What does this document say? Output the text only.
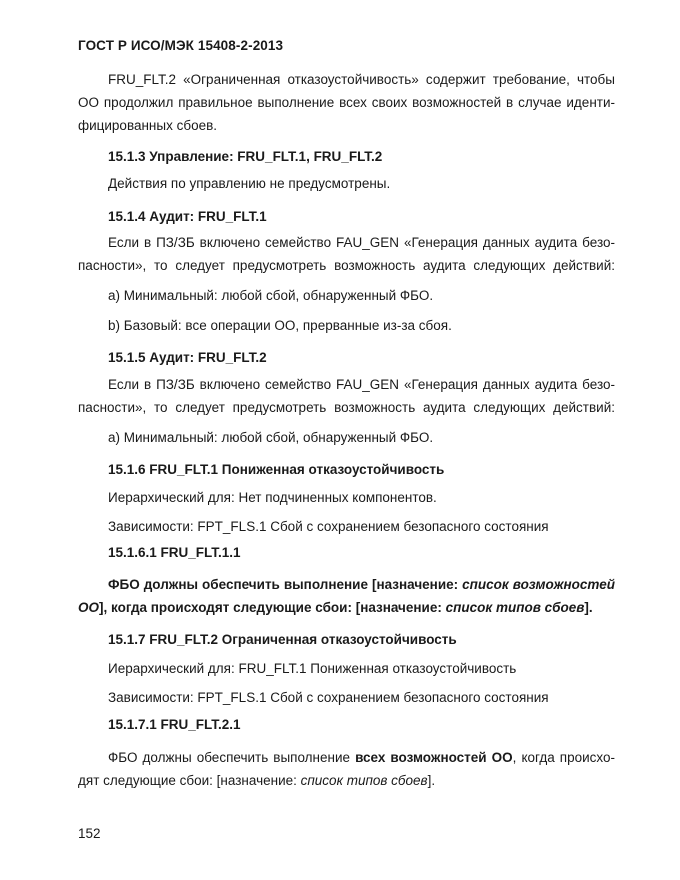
ГОСТ Р ИСО/МЭК 15408-2-2013
FRU_FLT.2 «Ограниченная отказоустойчивость» содержит требование, чтобы
ОО продолжил правильное выполнение всех своих возможностей в случае иденти-
фицированных сбоев.
15.1.3 Управление: FRU_FLT.1, FRU_FLT.2
Действия по управлению не предусмотрены.
15.1.4 Аудит: FRU_FLT.1
Если в ПЗ/ЗБ включено семейство FAU_GEN «Генерация данных аудита безо-
пасности», то следует предусмотреть возможность аудита следующих действий:
a) Минимальный: любой сбой, обнаруженный ФБО.
b) Базовый: все операции ОО, прерванные из-за сбоя.
15.1.5 Аудит: FRU_FLT.2
Если в ПЗ/ЗБ включено семейство FAU_GEN «Генерация данных аудита безо-
пасности», то следует предусмотреть возможность аудита следующих действий:
a) Минимальный: любой сбой, обнаруженный ФБО.
15.1.6 FRU_FLT.1 Пониженная отказоустойчивость
Иерархический для: Нет подчиненных компонентов.
Зависимости: FPT_FLS.1 Сбой с сохранением безопасного состояния
15.1.6.1 FRU_FLT.1.1
ФБО должны обеспечить выполнение [назначение: список возможностей
ОО], когда происходят следующие сбои: [назначение: список типов сбоев].
15.1.7 FRU_FLT.2 Ограниченная отказоустойчивость
Иерархический для: FRU_FLT.1 Пониженная отказоустойчивость
Зависимости: FPT_FLS.1 Сбой с сохранением безопасного состояния
15.1.7.1 FRU_FLT.2.1
ФБО должны обеспечить выполнение всех возможностей ОО, когда происхо-
дят следующие сбои: [назначение: список типов сбоев].
152
